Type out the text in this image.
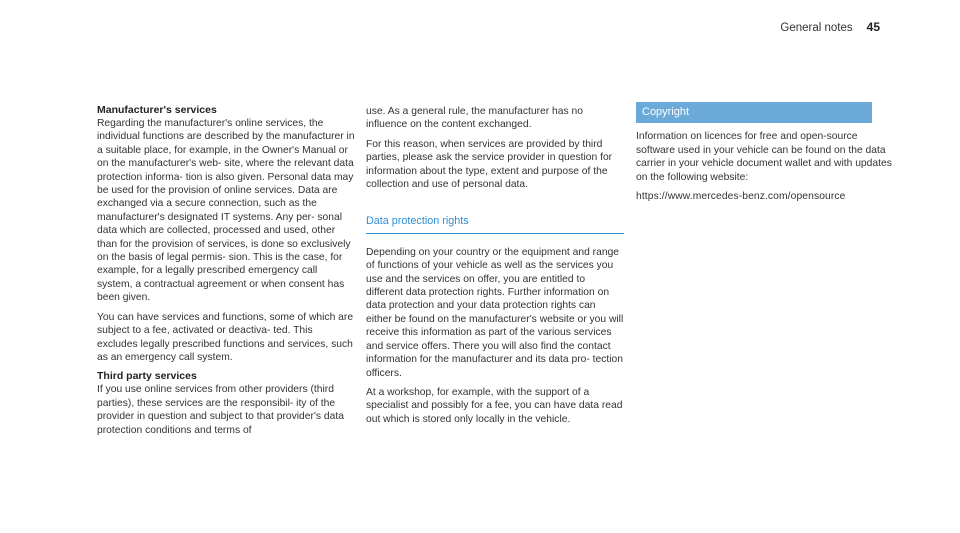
General notes 45
Manufacturer's services

Regarding the manufacturer's online services, the individual functions are described by the manufacturer in a suitable place, for example, in the Owner's Manual or on the manufacturer's web- site, where the relevant data protection informa- tion is also given. Personal data may be used for the provision of online services. Data are exchanged via a secure connection, such as the manufacturer's designated IT systems. Any per- sonal data which are collected, processed and used, other than for the provision of services, is done so exclusively on the basis of legal permis- sion. This is the case, for example, for a legally prescribed emergency call system, a contractual agreement or when consent has been given.

You can have services and functions, some of which are subject to a fee, activated or deactiva- ted. This excludes legally prescribed functions and services, such as an emergency call system.

Third party services

If you use online services from other providers (third parties), these services are the responsibil- ity of the provider in question and subject to that provider's data protection conditions and terms of

use. As a general rule, the manufacturer has no influence on the content exchanged.

For this reason, when services are provided by third parties, please ask the service provider in question for information about the type, extent and purpose of the collection and use of personal data.

Data protection rights

Depending on your country or the equipment and range of functions of your vehicle as well as the services you use and the services on offer, you are entitled to different data protection rights. Further information on data protection and your data protection rights can either be found on the manufacturer's website or you will receive this information as part of the various services and service offers. There you will also find the contact information for the manufacturer and its data pro- tection officers.

At a workshop, for example, with the support of a specialist and possibly for a fee, you can have data read out which is stored only locally in the vehicle.

Copyright

Information on licences for free and open-source software used in your vehicle can be found on the data carrier in your vehicle document wallet and with updates on the following website:

https://www.mercedes-benz.com/opensource
